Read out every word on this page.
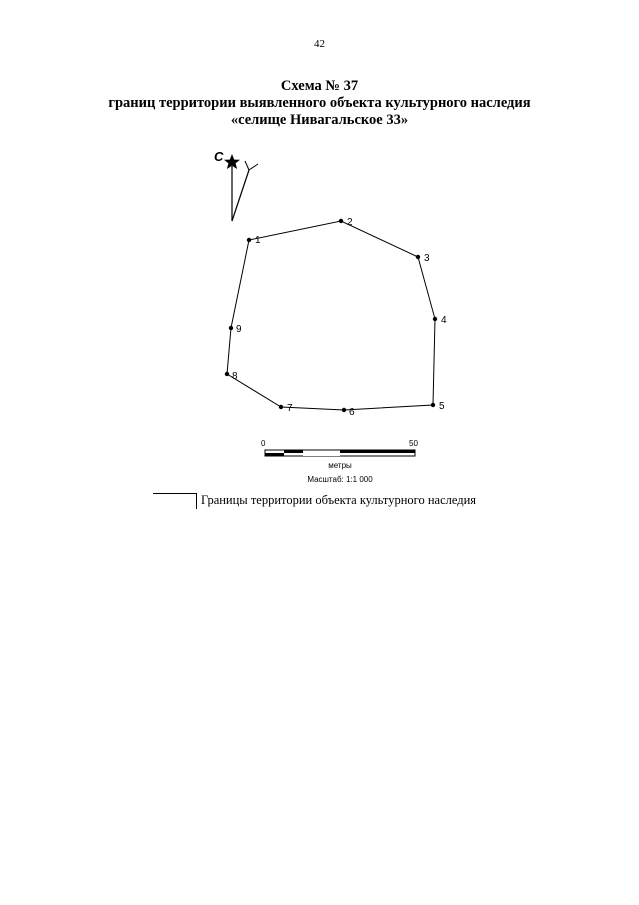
42
Схема № 37
границ территории выявленного объекта культурного наследия
«селище Нивагальское 33»
С
1
2
3
4
5
6
7
8
9
0	50
метры
Масштаб: 1:1 000
Границы территории объекта культурного наследия
